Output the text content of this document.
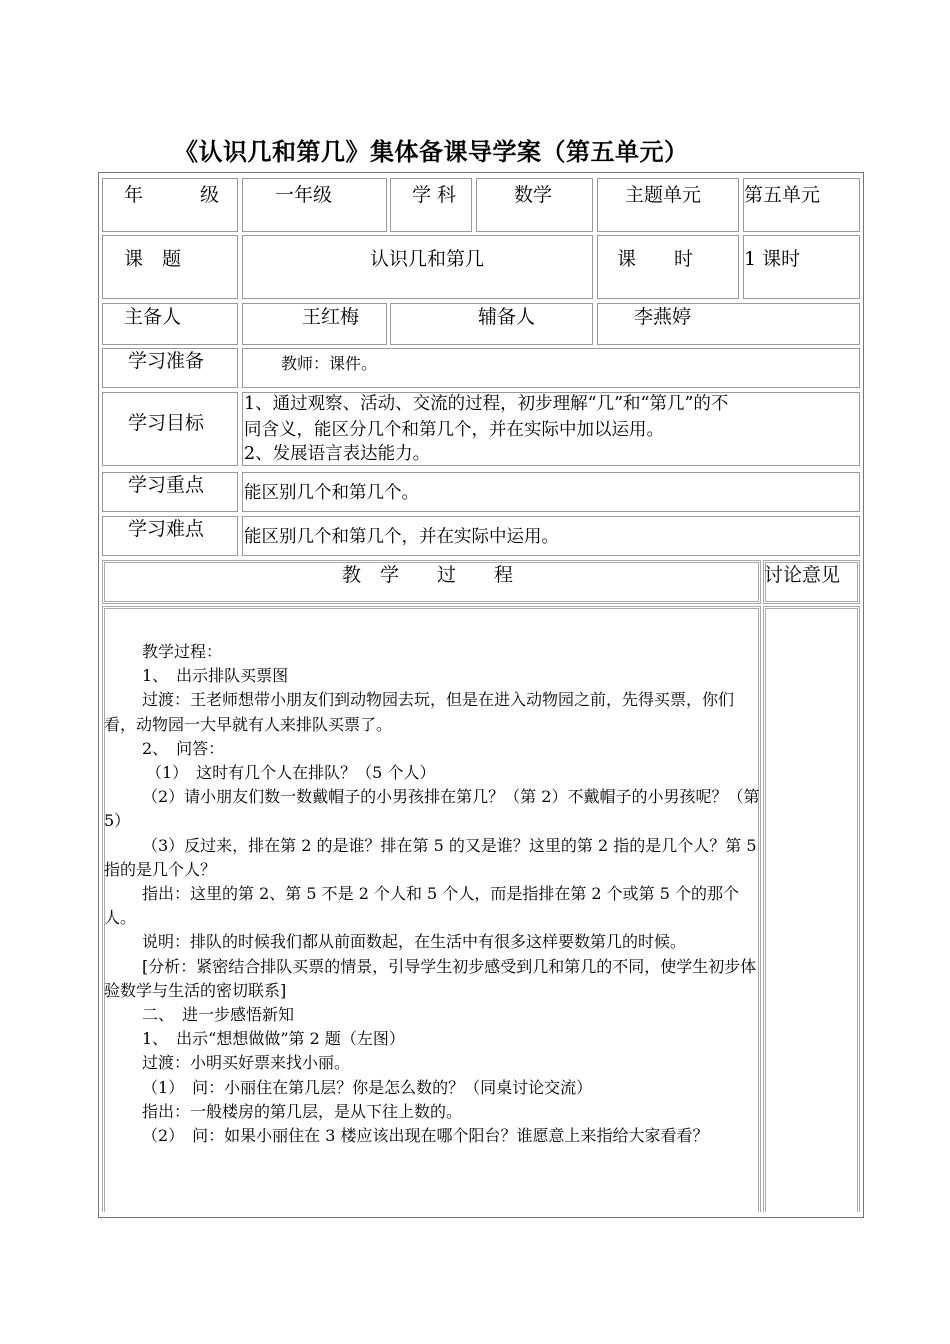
《认识几和第几》集体备课导学案（第五单元）
年　　　级	一年级	学 科	数学	主题单元 第五单元
课　题	认识几和第几	课　　时	1 课时
主备人	王红梅	辅备人	李燕婷
学习准备	教师：课件。
学习目标
1、通过观察、活动、交流的过程，初步理解“几”和“第几”的不
同含义，能区分几个和第几个，并在实际中加以运用。
2、发展语言表达能力。
学习重点 能区别几个和第几个。
学习难点 能区别几个和第几个，并在实际中运用。
教　学　　过　　程	讨论意见

教学过程：

1、　出示排队买票图

过渡：王老师想带小朋友们到动物园去玩，但是在进入动物园之前，先得买票，你们看，动物园一大早就有人来排队买票了。

2、　问答：

（1）　这时有几个人在排队？（5 个人）

（2）请小朋友们数一数戴帽子的小男孩排在第几？（第 2）不戴帽子的小男孩呢？（第 5）

（3）反过来，排在第 2 的是谁？排在第 5 的又是谁？这里的第 2 指的是几个人？第 5 指的是几个人？

指出：这里的第 2、第 5 不是 2 个人和 5 个人，而是指排在第 2 个或第 5 个的那个人。

说明：排队的时候我们都从前面数起，在生活中有很多这样要数第几的时候。

[分析：紧密结合排队买票的情景，引导学生初步感受到几和第几的不同，使学生初步体验数学与生活的密切联系]

二、　进一步感悟新知

1、　出示“想想做做”第 2 题（左图）

过渡：小明买好票来找小丽。

（1）　问：小丽住在第几层？你是怎么数的？（同桌讨论交流）

指出：一般楼房的第几层，是从下往上数的。

（2）　问：如果小丽住在 3 楼应该出现在哪个阳台？谁愿意上来指给大家看看？
